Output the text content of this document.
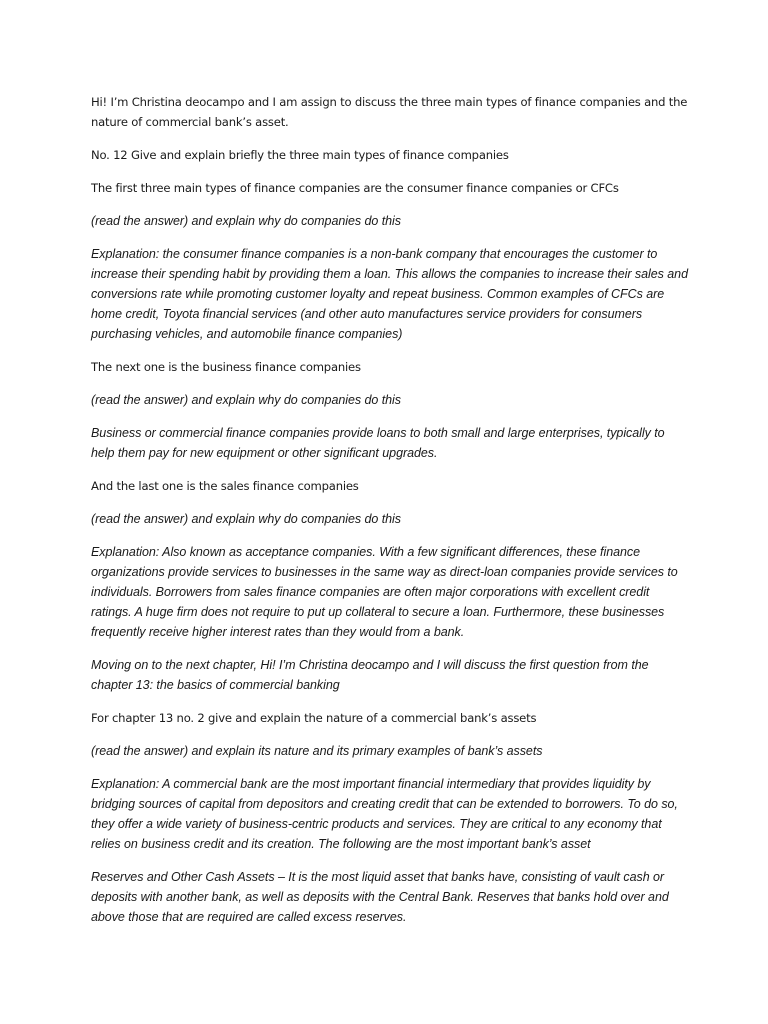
Hi! I’m Christina deocampo and I am assign to discuss the three main types of finance companies and the nature of commercial bank’s asset.

No. 12 Give and explain briefly the three main types of finance companies

The first three main types of finance companies are the consumer finance companies or CFCs

(read the answer) and explain why do companies do this

Explanation: the consumer finance companies is a non-bank company that encourages the customer to increase their spending habit by providing them a loan. This allows the companies to increase their sales and conversions rate while promoting customer loyalty and repeat business. Common examples of CFCs are home credit, Toyota financial services (and other auto manufactures service providers for consumers purchasing vehicles, and automobile finance companies)

The next one is the business finance companies

(read the answer) and explain why do companies do this

Business or commercial finance companies provide loans to both small and large enterprises, typically to help them pay for new equipment or other significant upgrades.

And the last one is the sales finance companies

(read the answer) and explain why do companies do this

Explanation: Also known as acceptance companies. With a few significant differences, these finance organizations provide services to businesses in the same way as direct-loan companies provide services to individuals. Borrowers from sales finance companies are often major corporations with excellent credit ratings. A huge firm does not require to put up collateral to secure a loan. Furthermore, these businesses frequently receive higher interest rates than they would from a bank.

Moving on to the next chapter, Hi! I’m Christina deocampo and I will discuss the first question from the chapter 13: the basics of commercial banking

For chapter 13 no. 2 give and explain the nature of a commercial bank’s assets

(read the answer) and explain its nature and its primary examples of bank’s assets

Explanation: A commercial bank are the most important financial intermediary that provides liquidity by bridging sources of capital from depositors and creating credit that can be extended to borrowers. To do so, they offer a wide variety of business-centric products and services. They are critical to any economy that relies on business credit and its creation. The following are the most important bank’s asset

Reserves and Other Cash Assets – It is the most liquid asset that banks have, consisting of vault cash or deposits with another bank, as well as deposits with the Central Bank. Reserves that banks hold over and above those that are required are called excess reserves.
